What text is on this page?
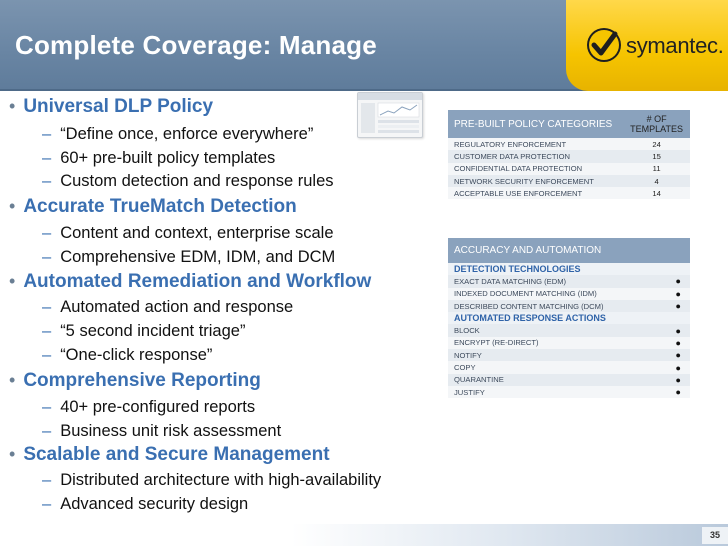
Complete Coverage: Manage	symantec.
• Universal DLP Policy
– “Define once, enforce everywhere”
– 60+ pre-built policy templates
– Custom detection and response rules
• Accurate TrueMatch Detection
– Content and context, enterprise scale
– Comprehensive EDM, IDM, and DCM
• Automated Remediation and Workflow
– Automated action and response
– “5 second incident triage”
– “One-click response”
• Comprehensive Reporting
– 40+ pre-configured reports
– Business unit risk assessment
• Scalable and Secure Management
– Distributed architecture with high-availability
– Advanced security design
PRE-BUILT POLICY CATEGORIES	# OF
TEMPLATES

REGULATORY ENFORCEMENT	24
CUSTOMER DATA PROTECTION	15
CONFIDENTIAL DATA PROTECTION	11
NETWORK SECURITY ENFORCEMENT	4
ACCEPTABLE USE ENFORCEMENT	14
ACCURACY AND AUTOMATION	
DETECTION TECHNOLOGIES	
EXACT DATA MATCHING (EDM)	●
INDEXED DOCUMENT MATCHING (IDM)	●
DESCRIBED CONTENT MATCHING (DCM)	●
AUTOMATED RESPONSE ACTIONS	
BLOCK	●
ENCRYPT (RE-DIRECT)	●
NOTIFY	●
COPY	●
QUARANTINE	●
JUSTIFY	●
35
